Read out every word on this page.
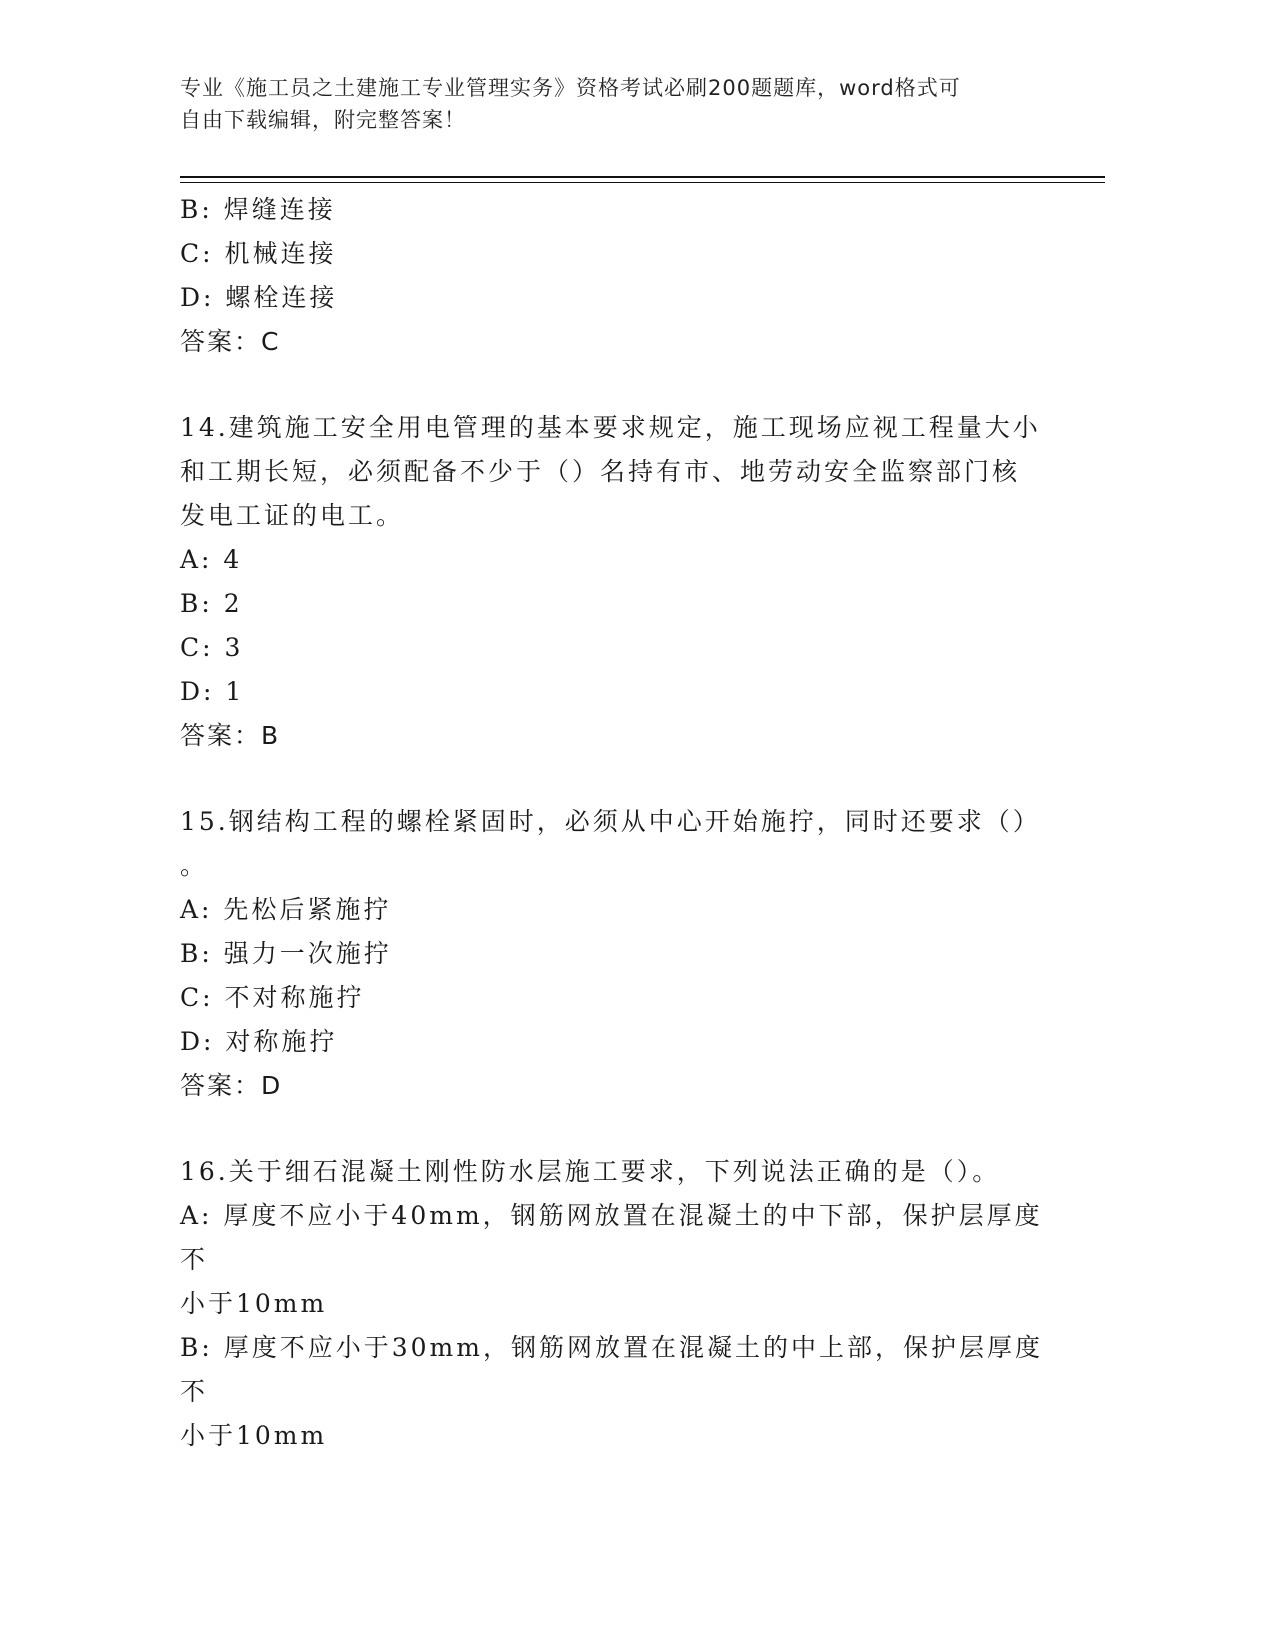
专业《施工员之土建施工专业管理实务》资格考试必刷200题题库，word格式可
自由下载编辑，附完整答案！
B: 焊缝连接
C: 机械连接
D: 螺栓连接
答案：C
14.建筑施工安全用电管理的基本要求规定，施工现场应视工程量大小
和工期长短，必须配备不少于（）名持有市、地劳动安全监察部门核
发电工证的电工。
A: 4
B: 2
C: 3
D: 1
答案：B
15.钢结构工程的螺栓紧固时，必须从中心开始施拧，同时还要求（）
。
A: 先松后紧施拧
B: 强力一次施拧
C: 不对称施拧
D: 对称施拧
答案：D
16.关于细石混凝土刚性防水层施工要求，下列说法正确的是（）。
A: 厚度不应小于40mm，钢筋网放置在混凝土的中下部，保护层厚度不
小于10mm
B: 厚度不应小于30mm，钢筋网放置在混凝土的中上部，保护层厚度不
小于10mm
